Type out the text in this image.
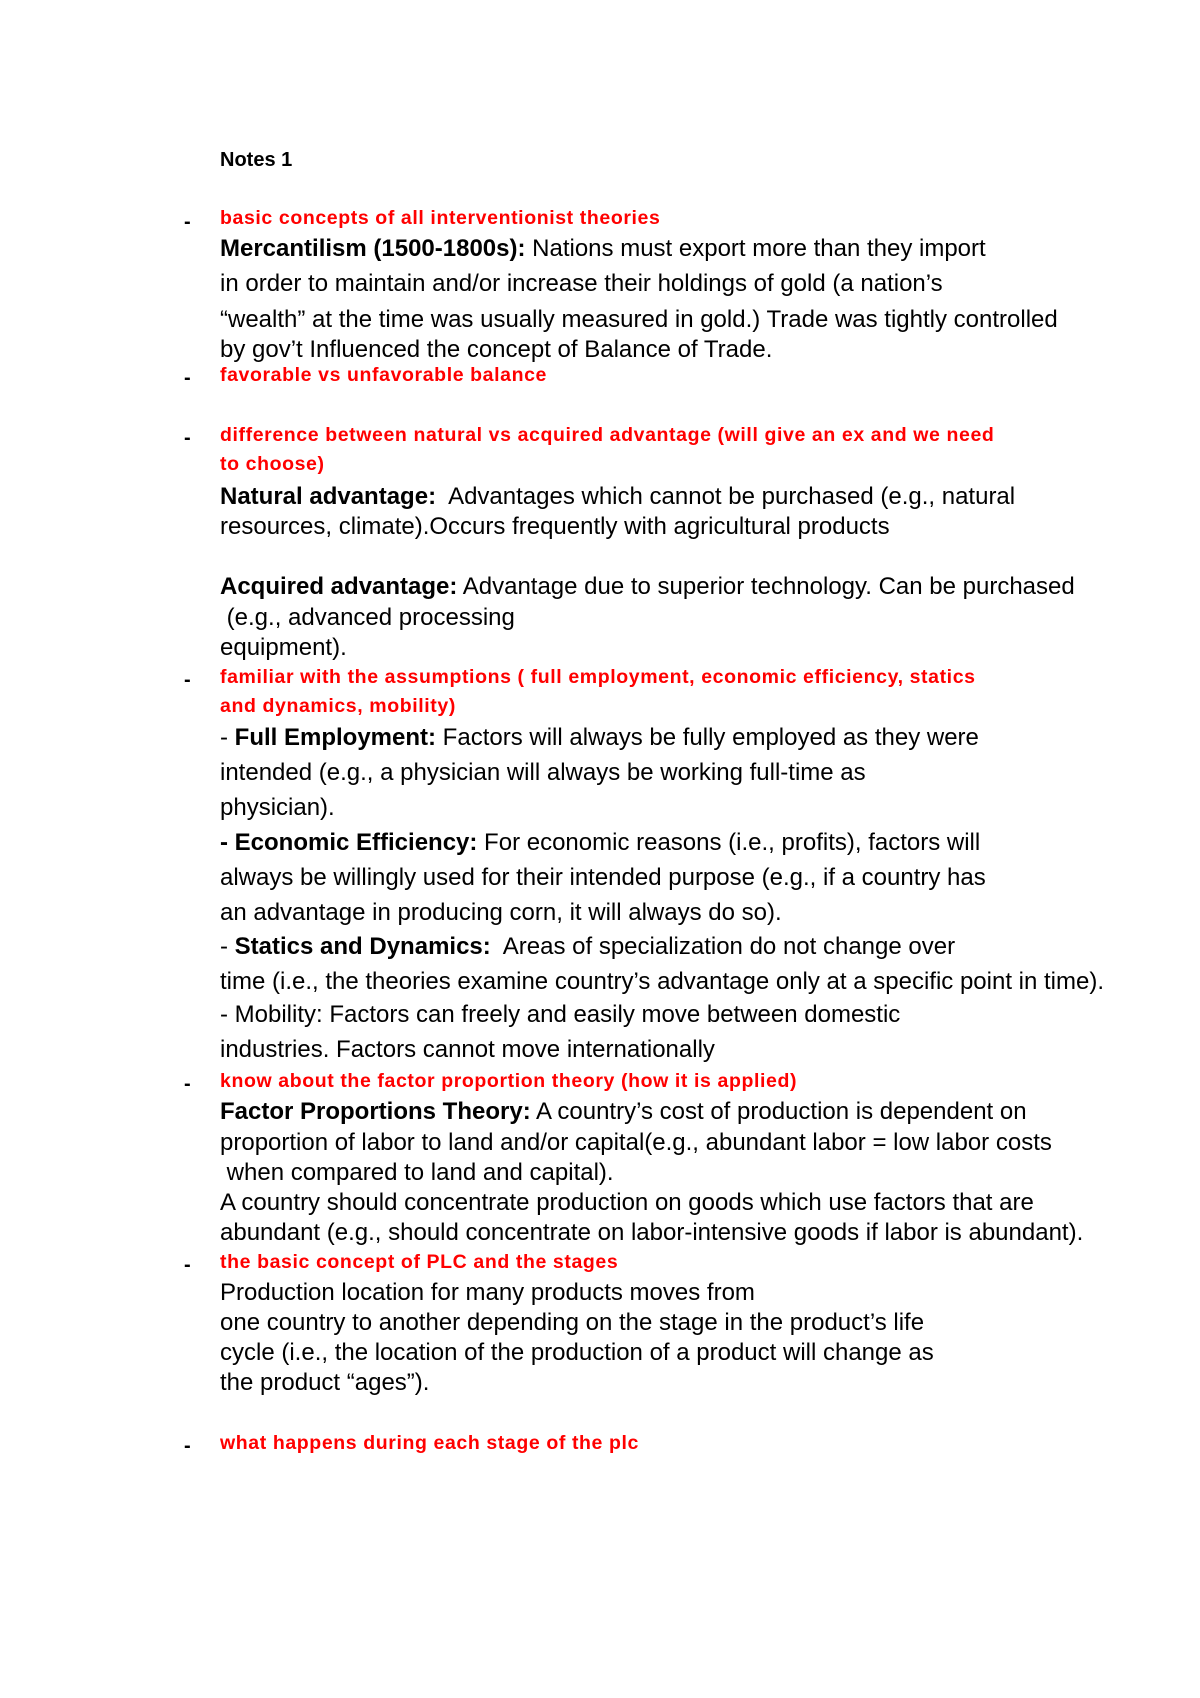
Notes 1
- basic concepts of all interventionist theories
Mercantilism (1500-1800s): Nations must export more than they import
in order to maintain and/or increase their holdings of gold (a nation’s
“wealth” at the time was usually measured in gold.) Trade was tightly controlled
by gov’t Influenced the concept of Balance of Trade.
- favorable vs unfavorable balance
- difference between natural vs acquired advantage (will give an ex and we need
to choose)
Natural advantage:  Advantages which cannot be purchased (e.g., natural
resources, climate).Occurs frequently with agricultural products
Acquired advantage: Advantage due to superior technology. Can be purchased
(e.g., advanced processing
equipment).
- familiar with the assumptions ( full employment, economic efficiency, statics
and dynamics, mobility)
- Full Employment: Factors will always be fully employed as they were
intended (e.g., a physician will always be working full-time as
physician).
- Economic Efficiency: For economic reasons (i.e., profits), factors will
always be willingly used for their intended purpose (e.g., if a country has
an advantage in producing corn, it will always do so).
- Statics and Dynamics:  Areas of specialization do not change over
time (i.e., the theories examine country’s advantage only at a specific point in time).
- Mobility: Factors can freely and easily move between domestic
industries. Factors cannot move internationally
- know about the factor proportion theory (how it is applied)
Factor Proportions Theory: A country’s cost of production is dependent on
proportion of labor to land and/or capital(e.g., abundant labor = low labor costs
when compared to land and capital).
A country should concentrate production on goods which use factors that are
abundant (e.g., should concentrate on labor-intensive goods if labor is abundant).
- the basic concept of PLC and the stages
Production location for many products moves from
one country to another depending on the stage in the product’s life
cycle (i.e., the location of the production of a product will change as
the product “ages”).
- what happens during each stage of the plc
